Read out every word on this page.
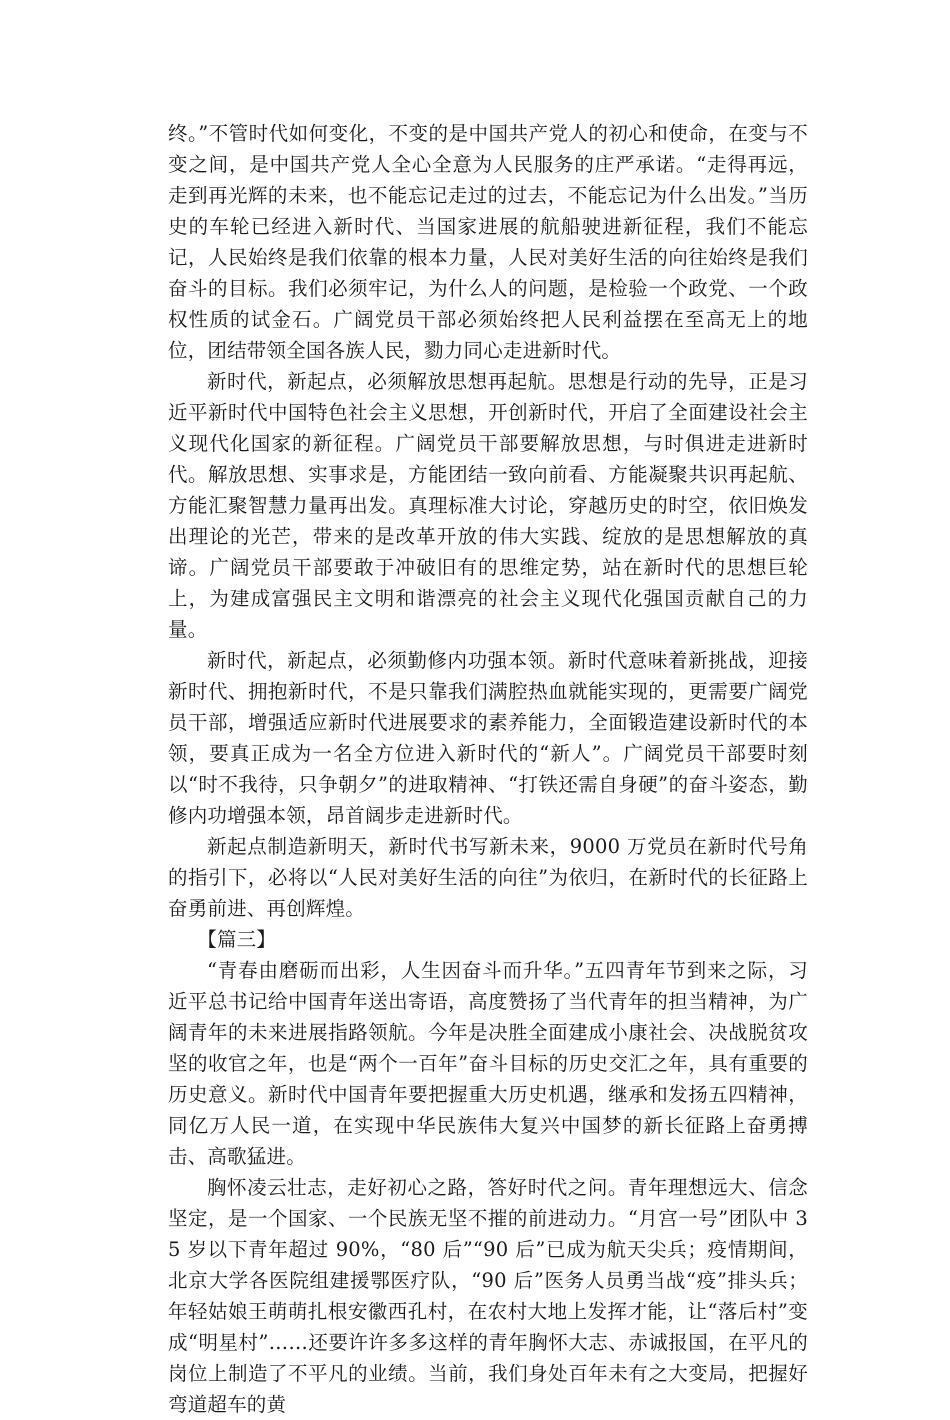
终。”不管时代如何变化，不变的是中国共产党人的初心和使命，在变与不变之间，是中国共产党人全心全意为人民服务的庄严承诺。“走得再远，走到再光辉的未来，也不能忘记走过的过去，不能忘记为什么出发。”当历史的车轮已经进入新时代、当国家进展的航船驶进新征程，我们不能忘记，人民始终是我们依靠的根本力量，人民对美好生活的向往始终是我们奋斗的目标。我们必须牢记，为什么人的问题，是检验一个政党、一个政权性质的试金石。广阔党员干部必须始终把人民利益摆在至高无上的地位，团结带领全国各族人民，勠力同心走进新时代。

新时代，新起点，必须解放思想再起航。思想是行动的先导，正是习近平新时代中国特色社会主义思想，开创新时代，开启了全面建设社会主义现代化国家的新征程。广阔党员干部要解放思想，与时俱进走进新时代。解放思想、实事求是，方能团结一致向前看、方能凝聚共识再起航、方能汇聚智慧力量再出发。真理标准大讨论，穿越历史的时空，依旧焕发出理论的光芒，带来的是改革开放的伟大实践、绽放的是思想解放的真谛。广阔党员干部要敢于冲破旧有的思维定势，站在新时代的思想巨轮上，为建成富强民主文明和谐漂亮的社会主义现代化强国贡献自己的力量。

新时代，新起点，必须勤修内功强本领。新时代意味着新挑战，迎接新时代、拥抱新时代，不是只靠我们满腔热血就能实现的，更需要广阔党员干部，增强适应新时代进展要求的素养能力，全面锻造建设新时代的本领，要真正成为一名全方位进入新时代的“新人”。广阔党员干部要时刻以“时不我待，只争朝夕”的进取精神、“打铁还需自身硬”的奋斗姿态，勤修内功增强本领，昂首阔步走进新时代。

新起点制造新明天，新时代书写新未来，9000 万党员在新时代号角的指引下，必将以“人民对美好生活的向往”为依归，在新时代的长征路上奋勇前进、再创辉煌。

【篇三】

“青春由磨砺而出彩，人生因奋斗而升华。”五四青年节到来之际，习近平总书记给中国青年送出寄语，高度赞扬了当代青年的担当精神，为广阔青年的未来进展指路领航。今年是决胜全面建成小康社会、决战脱贫攻坚的收官之年，也是“两个一百年”奋斗目标的历史交汇之年，具有重要的历史意义。新时代中国青年要把握重大历史机遇，继承和发扬五四精神，同亿万人民一道，在实现中华民族伟大复兴中国梦的新长征路上奋勇搏击、高歌猛进。

胸怀凌云壮志，走好初心之路，答好时代之问。青年理想远大、信念坚定，是一个国家、一个民族无坚不摧的前进动力。“月宫一号”团队中 35 岁以下青年超过 90%，“80 后”“90 后”已成为航天尖兵；疫情期间，北京大学各医院组建援鄂医疗队，“90 后”医务人员勇当战“疫”排头兵；年轻姑娘王萌萌扎根安徽西孔村，在农村大地上发挥才能，让“落后村”变成“明星村”……还要许许多多这样的青年胸怀大志、赤诚报国，在平凡的岗位上制造了不平凡的业绩。当前，我们身处百年未有之大变局，把握好弯道超车的黄
